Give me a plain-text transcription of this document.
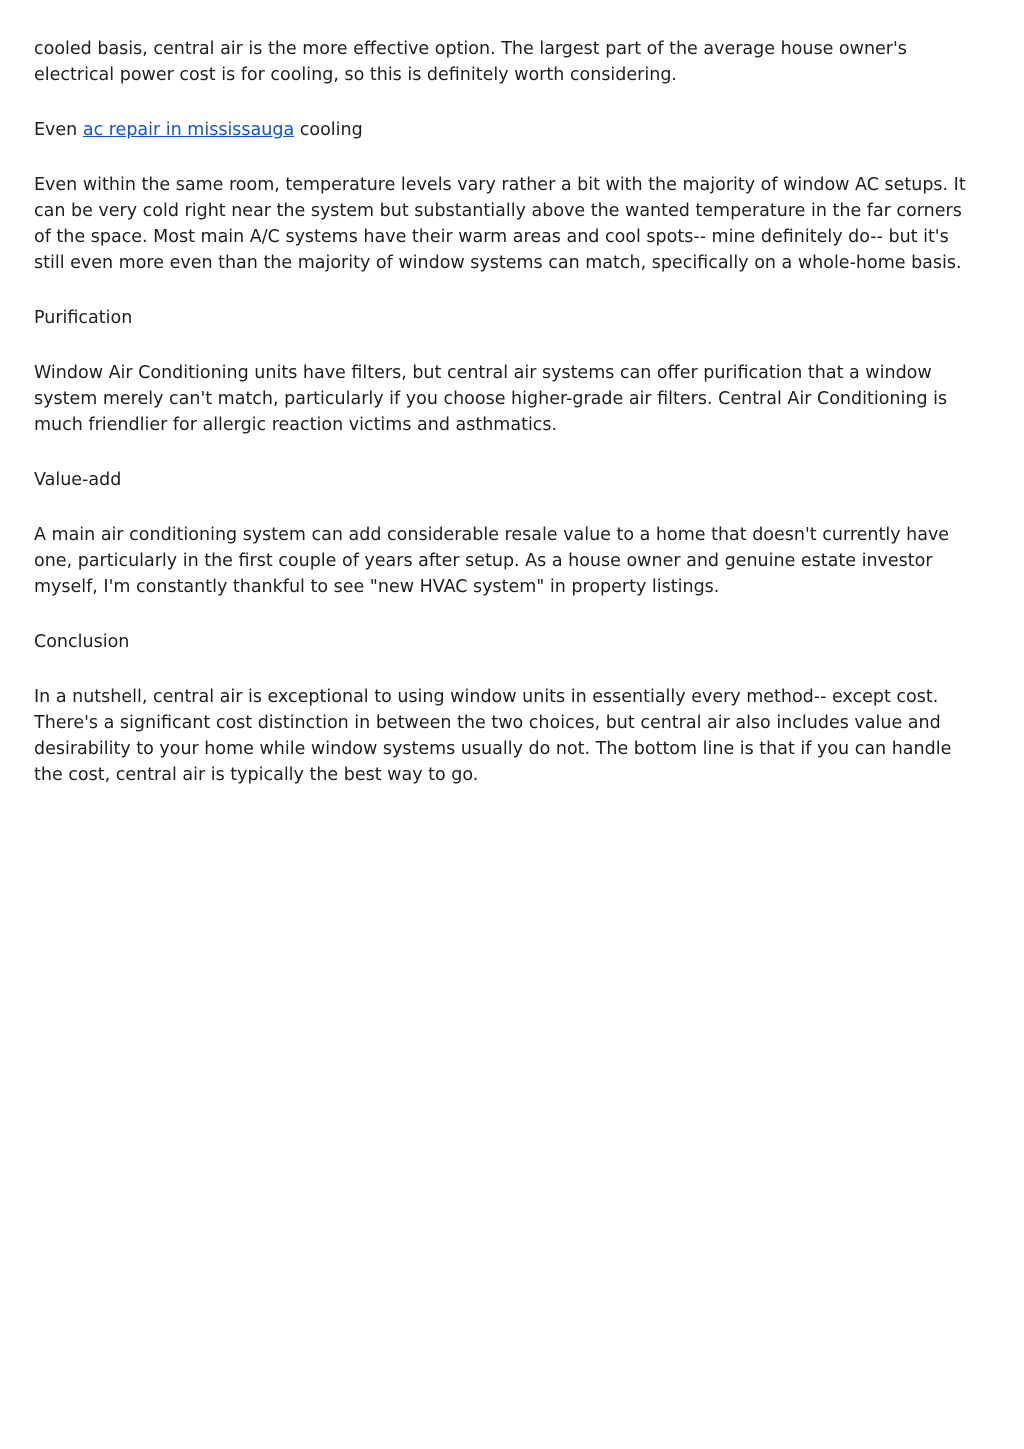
cooled basis, central air is the more effective option. The largest part of the average house owner's electrical power cost is for cooling, so this is definitely worth considering.

Even ac repair in mississauga cooling

Even within the same room, temperature levels vary rather a bit with the majority of window AC setups. It can be very cold right near the system but substantially above the wanted temperature in the far corners of the space. Most main A/C systems have their warm areas and cool spots-- mine definitely do-- but it's still even more even than the majority of window systems can match, specifically on a whole-home basis.

Purification

Window Air Conditioning units have filters, but central air systems can offer purification that a window system merely can't match, particularly if you choose higher-grade air filters. Central Air Conditioning is much friendlier for allergic reaction victims and asthmatics.

Value-add

A main air conditioning system can add considerable resale value to a home that doesn't currently have one, particularly in the first couple of years after setup. As a house owner and genuine estate investor myself, I'm constantly thankful to see "new HVAC system" in property listings.

Conclusion

In a nutshell, central air is exceptional to using window units in essentially every method-- except cost. There's a significant cost distinction in between the two choices, but central air also includes value and desirability to your home while window systems usually do not. The bottom line is that if you can handle the cost, central air is typically the best way to go.
